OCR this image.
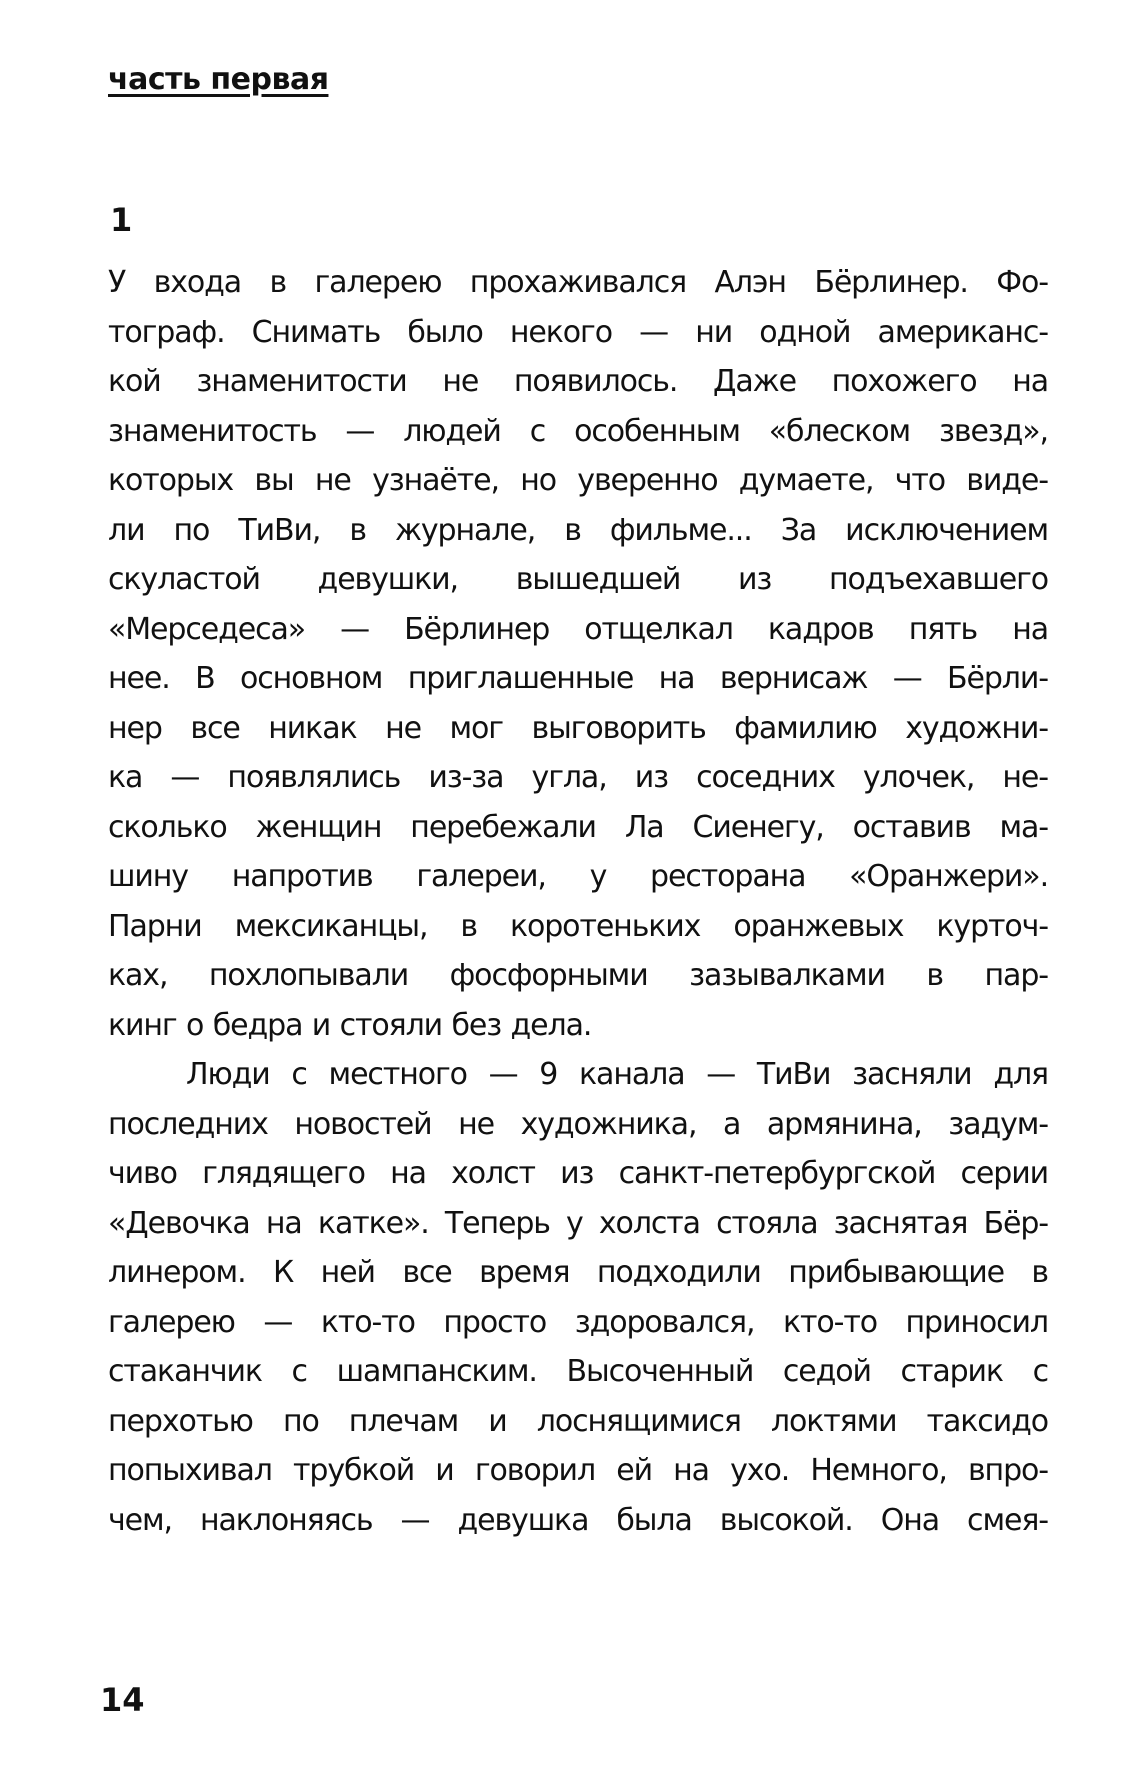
часть первая
1
У входа в галерею прохаживался Алэн Бёрлинер. Фо-
тограф. Снимать было некого — ни одной американс-
кой знаменитости не появилось. Даже похожего на
знаменитость — людей с особенным «блеском звезд»,
которых вы не узнаёте, но уверенно думаете, что виде-
ли по ТиВи, в журнале, в фильме... За исключением
скуластой девушки, вышедшей из подъехавшего
«Мерседеса» — Бёрлинер отщелкал кадров пять на
нее. В основном приглашенные на вернисаж — Бёрли-
нер все никак не мог выговорить фамилию художни-
ка — появлялись из-за угла, из соседних улочек, не-
сколько женщин перебежали Ла Сиенегу, оставив ма-
шину напротив галереи, у ресторана «Оранжери».
Парни мексиканцы, в коротеньких оранжевых курточ-
ках, похлопывали фосфорными зазывалками в пар-
кинг о бедра и стояли без дела.
Люди с местного — 9 канала — ТиВи засняли для
последних новостей не художника, а армянина, задум-
чиво глядящего на холст из санкт-петербургской серии
«Девочка на катке». Теперь у холста стояла заснятая Бёр-
линером. К ней все время подходили прибывающие в
галерею — кто-то просто здоровался, кто-то приносил
стаканчик с шампанским. Высоченный седой старик с
перхотью по плечам и лоснящимися локтями таксидо
попыхивал трубкой и говорил ей на ухо. Немного, впро-
чем, наклоняясь — девушка была высокой. Она смея-
14
